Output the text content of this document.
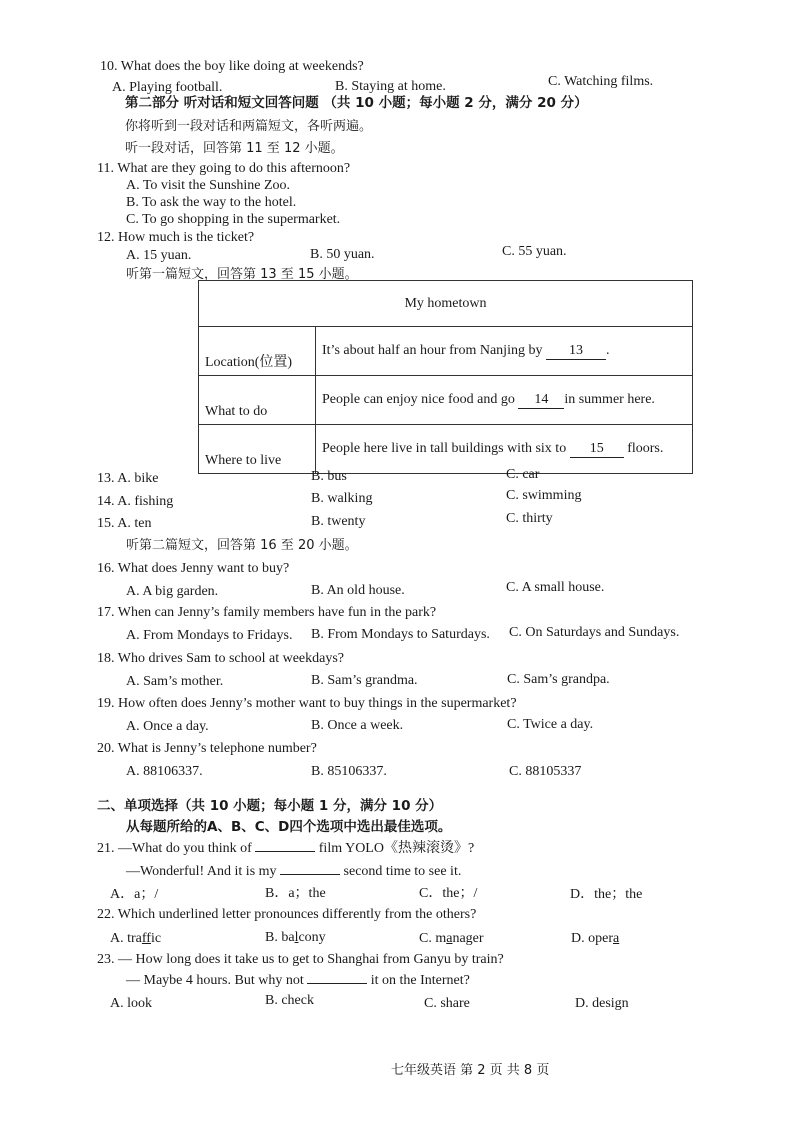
10. What does the boy like doing at weekends?
A. Playing football.	B. Staying at home.	C. Watching films.
第二部分 听对话和短文回答问题 （共 10 小题；每小题 2 分，满分 20 分）
你将听到一段对话和两篇短文，各听两遍。
听一段对话，回答第 11 至 12 小题。
11. What are they going to do this afternoon?
A. To visit the Sunshine Zoo.
B. To ask the way to the hotel.
C. To go shopping in the supermarket.
12. How much is the ticket?
A. 15 yuan.	B. 50 yuan.	C. 55 yuan.
听第一篇短文，回答第 13 至 15 小题。
My hometown	
Location(位置)	It’s about half an hour from Nanjing by 13 .
What to do	People can enjoy nice food and go 14 in summer here.
Where to live	People here live in tall buildings with six to 15 floors.
13. A. bike	B. bus	C. car
14. A. fishing	B. walking	C. swimming
15. A. ten	B. twenty	C. thirty
听第二篇短文，回答第 16 至 20 小题。
16. What does Jenny want to buy?
A. A big garden.	B. An old house.	C. A small house.
17. When can Jenny’s family members have fun in the park?
A. From Mondays to Fridays. B. From Mondays to Saturdays. C. On Saturdays and Sundays.
18. Who drives Sam to school at weekdays?
A. Sam’s mother.	B. Sam’s grandma.	C. Sam’s grandpa.
19. How often does Jenny’s mother want to buy things in the supermarket?
A. Once a day.	B. Once a week.	C. Twice a day.
20. What is Jenny’s telephone number?
A. 88106337.	B. 85106337.	C. 88105337
二、单项选择（共 10 小题；每小题 1 分，满分 10 分）
从每题所给的A、B、C、D四个选项中选出最佳选项。
21. —What do you think of	film YOLO《热辣滚烫》?
—Wonderful! And it is my	second time to see it.
A．a；/	B．a；the	C．the；/	D．the；the
22. Which underlined letter pronounces differently from the others?
A. traffic	B. balcony	C. manager	D. opera
23. — How long does it take us to get to Shanghai from Ganyu by train?
— Maybe 4 hours. But why not	it on the Internet?
A. look	B. check	C. share	D. design
七年级英语 第 2 页 共 8 页
